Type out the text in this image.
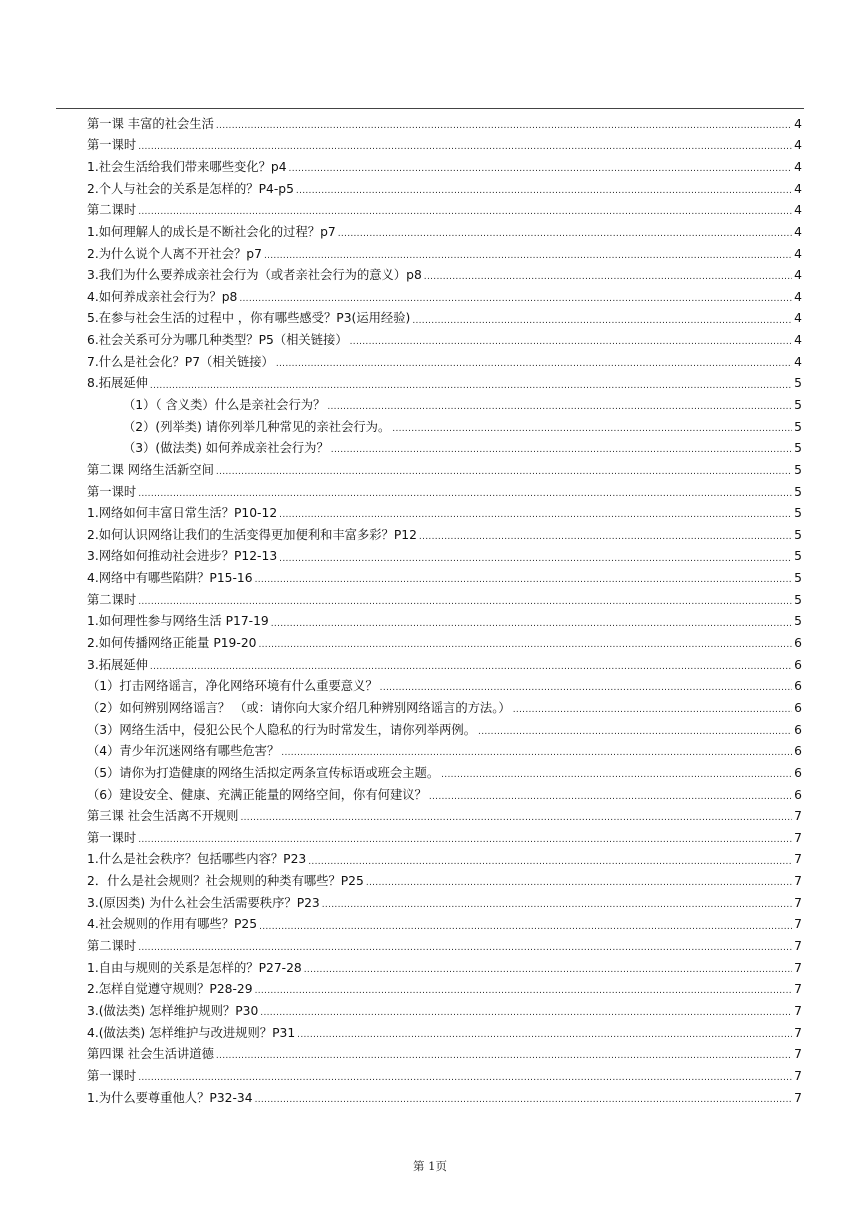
第一课 丰富的社会生活 .....	4
第一课时 .....	4
1.社会生活给我们带来哪些变化？p4 .....	4
2.个人与社会的关系是怎样的？P4-p5 .....	4
第二课时 .....	4
1.如何理解人的成长是不断社会化的过程？p7 .....	4
2.为什么说个人离不开社会？p7 .....	4
3.我们为什么要养成亲社会行为（或者亲社会行为的意义）p8 .....	4
4.如何养成亲社会行为？p8 .....	4
5.在参与社会生活的过程中 ，你有哪些感受？P3(运用经验) .....	4
6.社会关系可分为哪几种类型？P5（相关链接） .....	4
7.什么是社会化？P7（相关链接） .....	4
8.拓展延伸 .....	5
（1）（ 含义类）什么是亲社会行为？ .....	5
（2）(列举类) 请你列举几种常见的亲社会行为。 .....	5
（3）(做法类) 如何养成亲社会行为？ .....	5
第二课 网络生活新空间 .....	5
第一课时 .....	5
1.网络如何丰富日常生活？P10-12 .....	5
2.如何认识网络让我们的生活变得更加便利和丰富多彩？P12 .....	5
3.网络如何推动社会进步？P12-13 .....	5
4.网络中有哪些陷阱？P15-16 .....	5
第二课时 .....	5
1.如何理性参与网络生活 P17-19 .....	5
2.如何传播网络正能量 P19-20 .....	6
3.拓展延伸 .....	6
（1）打击网络谣言，净化网络环境有什么重要意义？ .....	6
（2）如何辨别网络谣言？ （或：请你向大家介绍几种辨别网络谣言的方法。） .....	6
（3）网络生活中，侵犯公民个人隐私的行为时常发生，请你列举两例。 .....	6
（4）青少年沉迷网络有哪些危害？ .....	6
（5）请你为打造健康的网络生活拟定两条宣传标语或班会主题。 .....	6
（6）建设安全、健康、充满正能量的网络空间，你有何建议？ .....	6
第三课 社会生活离不开规则 .....	7
第一课时 .....	7
1.什么是社会秩序？包括哪些内容？P23 .....	7
2．什么是社会规则？社会规则的种类有哪些？P25 .....	7
3.(原因类) 为什么社会生活需要秩序？P23 .....	7
4.社会规则的作用有哪些？P25 .....	7
第二课时 .....	7
1.自由与规则的关系是怎样的？P27-28 .....	7
2.怎样自觉遵守规则？P28-29 .....	7
3.(做法类) 怎样维护规则？P30 .....	7
4.(做法类) 怎样维护与改进规则？P31 .....	7
第四课 社会生活讲道德 .....	7
第一课时 .....	7
1.为什么要尊重他人？P32-34 .....	7
第 1页
